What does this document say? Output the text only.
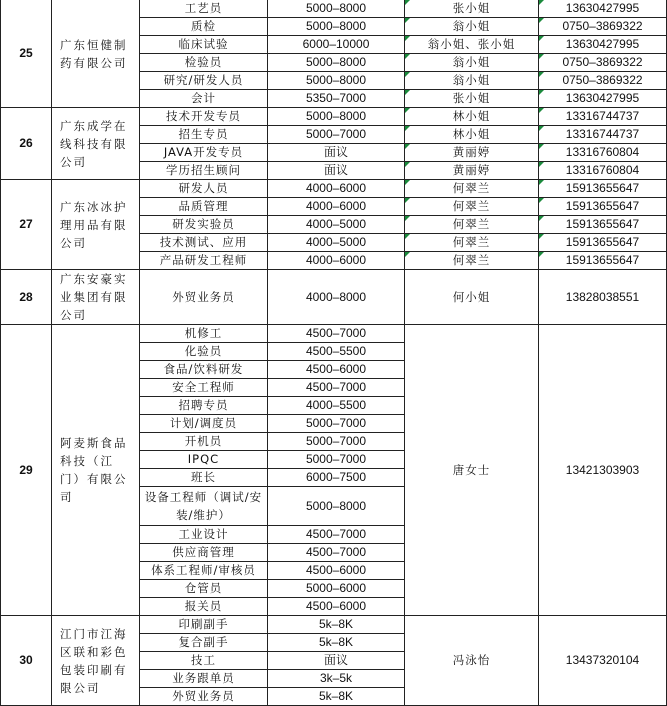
25	广东恒健制药有限公司	工艺员	5000–8000	张小姐	13630427995
		质检	5000–8000	翁小姐	0750–3869322
		临床试验	6000–10000	翁小姐、张小姐	13630427995
		检验员	5000–8000	翁小姐	0750–3869322
		研究/研发人员	5000–8000	翁小姐	0750–3869322
		会计	5350–7000	张小姐	13630427995
26	广东成学在线科技有限公司	技术开发专员	5000–8000	林小姐	13316744737
		招生专员	5000–7000	林小姐	13316744737
		JAVA开发专员	面议	黄丽婷	13316760804
		学历招生顾问	面议	黄丽婷	13316760804
27	广东冰冰护理用品有限公司	研发人员	4000–6000	何翠兰	15913655647
		品质管理	4000–6000	何翠兰	15913655647
		研发实验员	4000–5000	何翠兰	15913655647
		技术测试、应用	4000–5000	何翠兰	15913655647
		产品研发工程师	4000–6000	何翠兰	15913655647
28	广东安豪实业集团有限公司	外贸业务员	4000–8000	何小姐	13828038551
29	阿麦斯食品科技（江门）有限公司	机修工	4500–7000	唐女士	13421303903
		化验员	4500–5500		
		食品/饮料研发	4500–6000		
		安全工程师	4500–7000		
		招聘专员	4000–5500		
		计划/调度员	5000–7000		
		开机员	5000–7000		
		IPQC	5000–7000		
		班长	6000–7500		
		设备工程师（调试/安装/维护）	5000–8000		
		工业设计	4500–7000		
		供应商管理	4500–7000		
		体系工程师/审核员	4500–6000		
		仓管员	5000–6000		
		报关员	4500–6000		
30	江门市江海区联和彩色包装印刷有限公司	印刷副手	5k–8K	冯泳怡	13437320104
		复合副手	5k–8K		
		技工	面议		
		业务跟单员	3k–5k		
		外贸业务员	5k–8K		
